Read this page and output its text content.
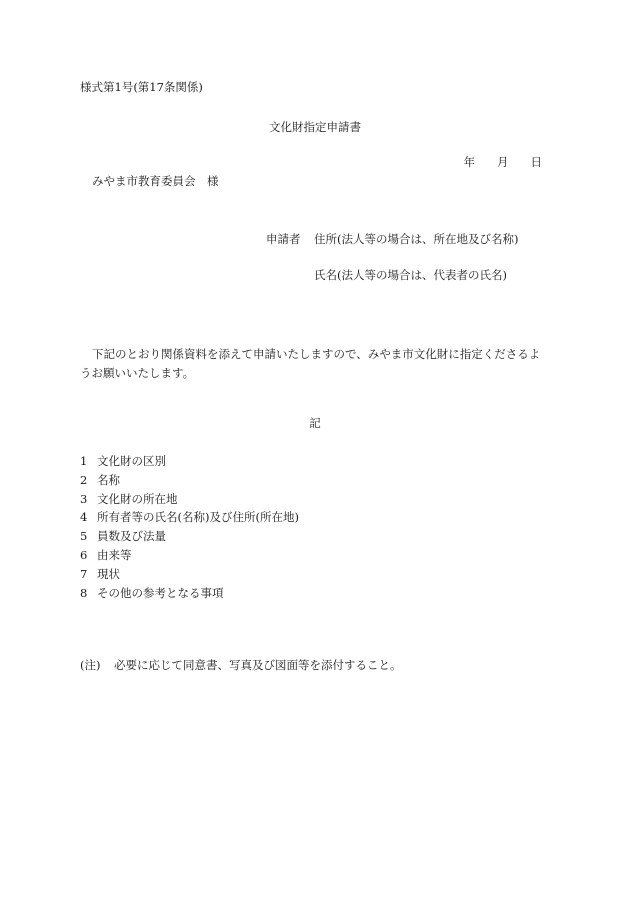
様式第1号(第17条関係)
文化財指定申請書
年 月 日
みやま市教育委員会　様
申請者 住所(法人等の場合は、所在地及び名称)
氏名(法人等の場合は、代表者の氏名)
下記のとおり関係資料を添えて申請いたしますので、みやま市文化財に指定くださるようお願いいたします。
記
1 文化財の区別
2 名称
3 文化財の所在地
4 所有者等の氏名(名称)及び住所(所在地)
5 員数及び法量
6 由来等
7 現状
8 その他の参考となる事項
(注) 必要に応じて同意書、写真及び図面等を添付すること。
